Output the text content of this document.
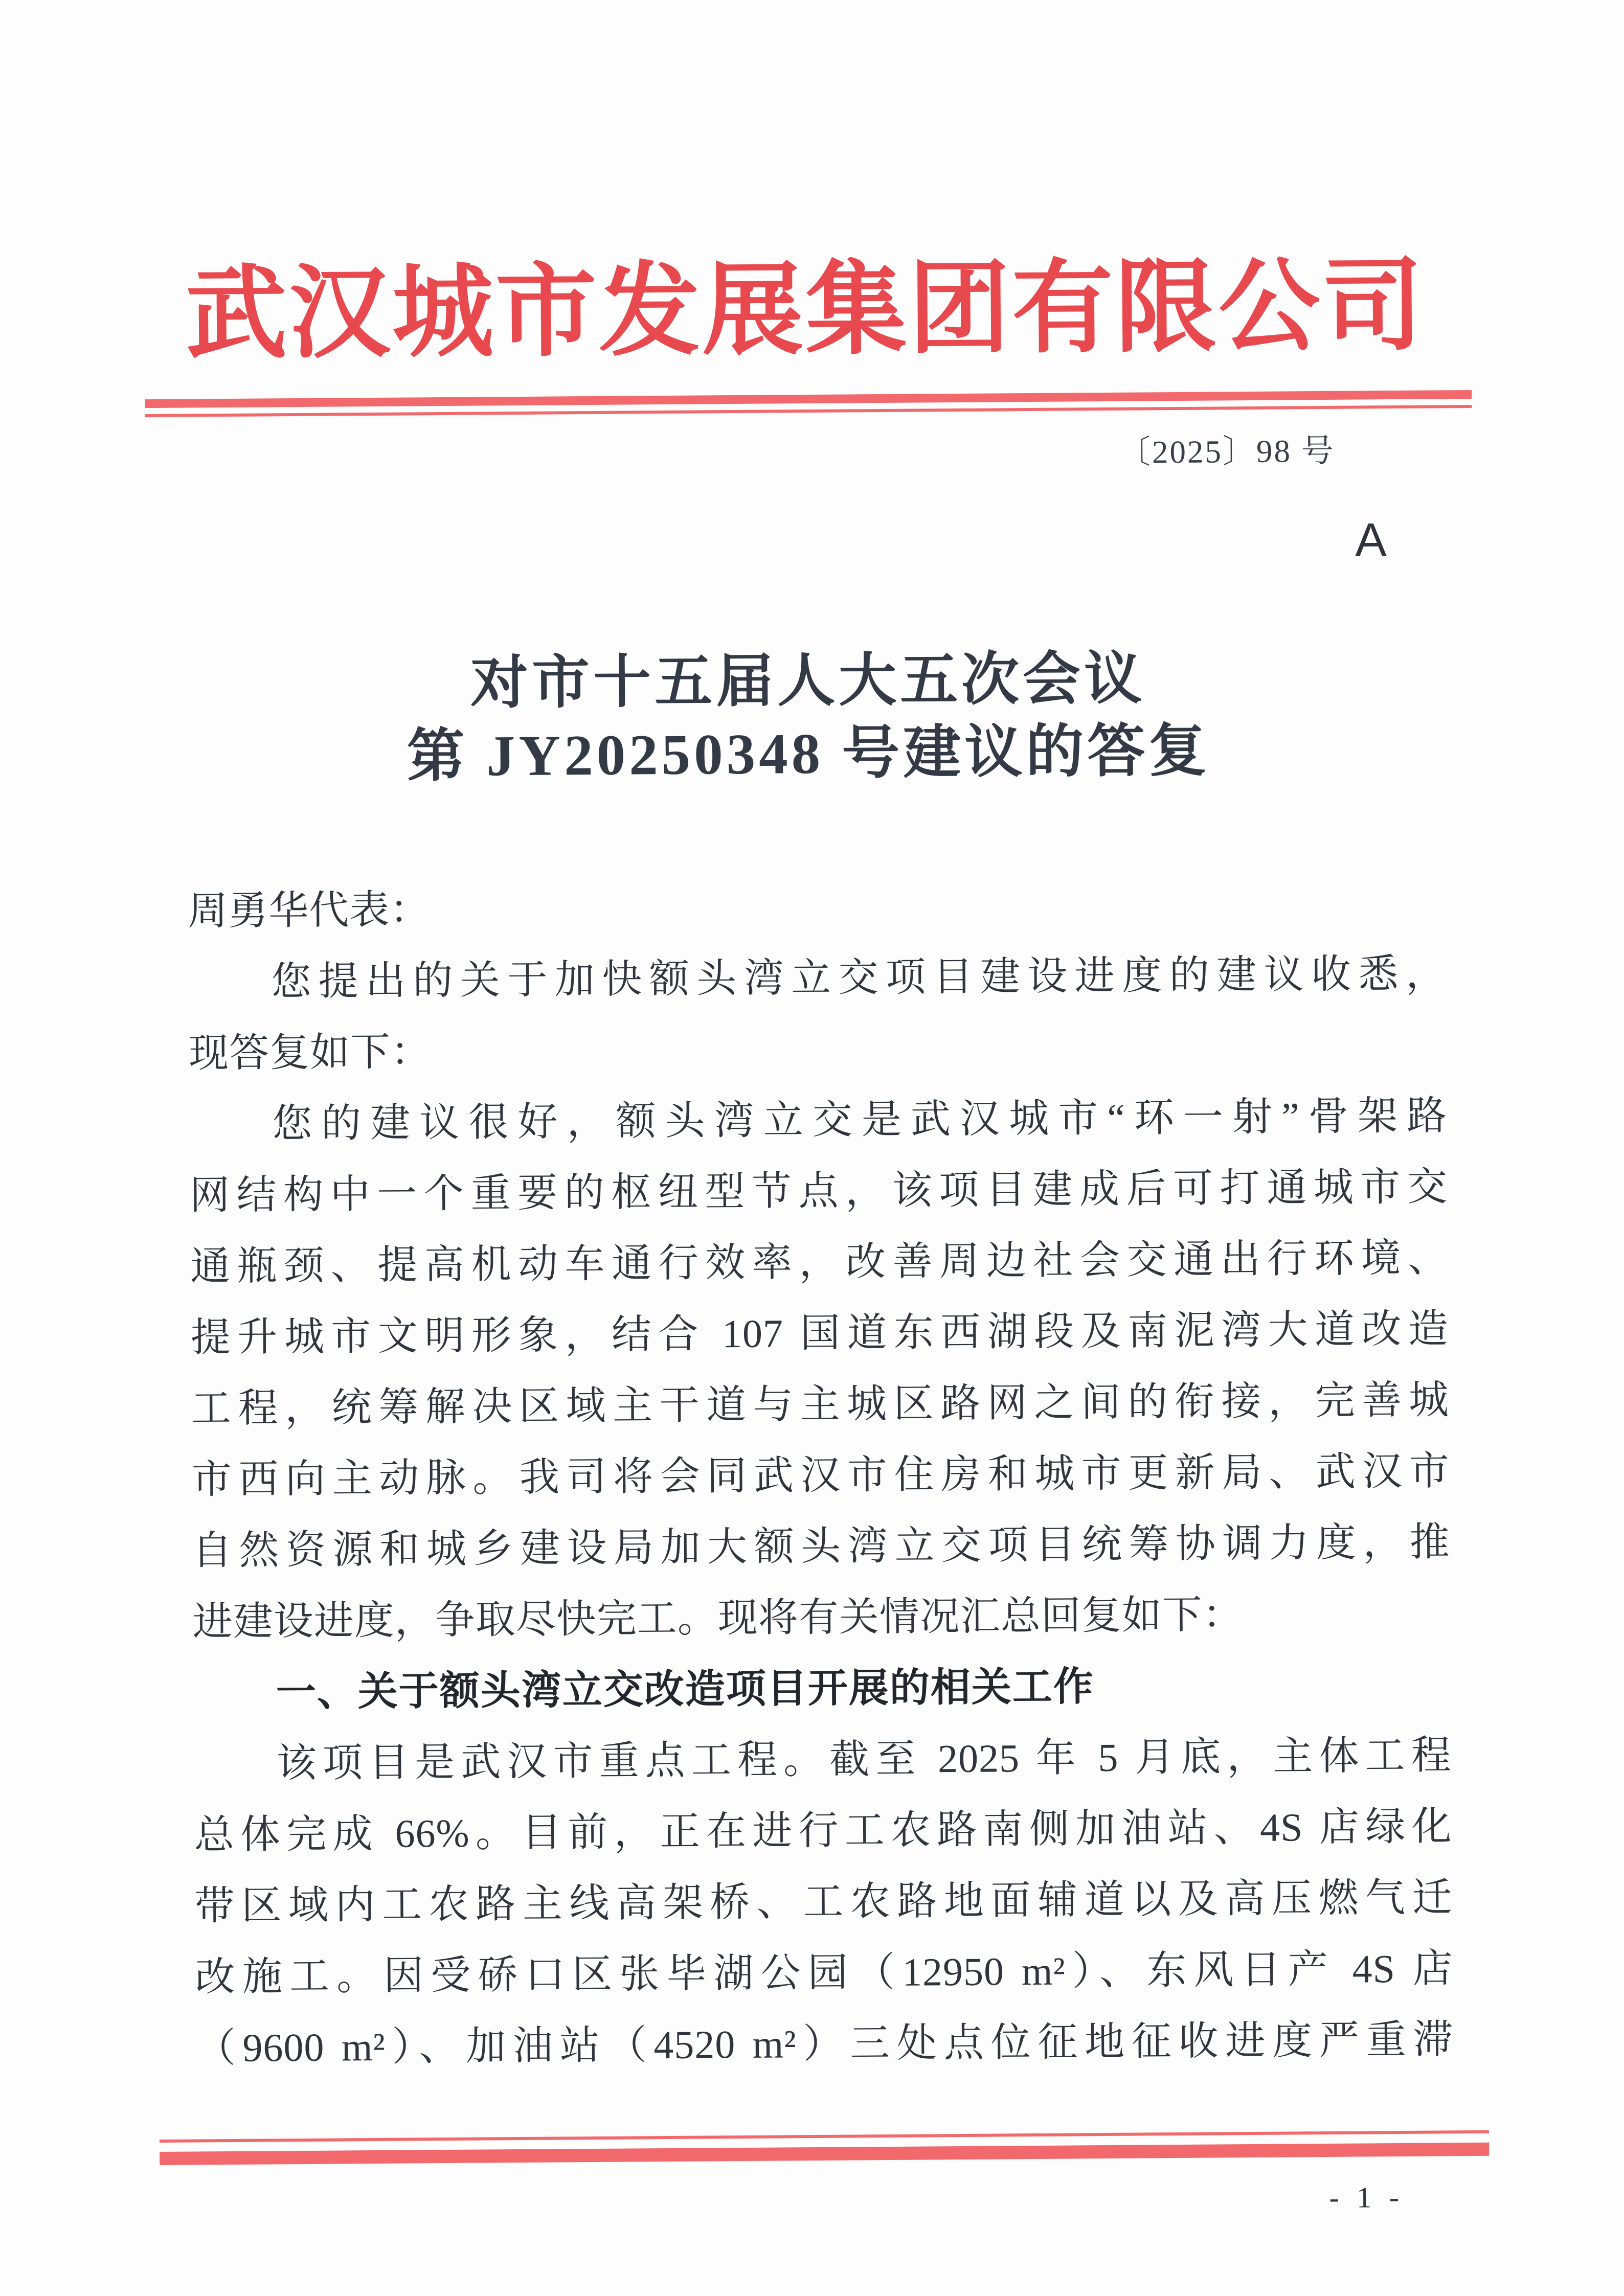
武汉城市发展集团有限公司
〔2025〕98 号
A
对市十五届人大五次会议
第 JY20250348 号建议的答复
周勇华代表：
您提出的关于加快额头湾立交项目建设进度的建议收悉，
现答复如下：
您的建议很好，额头湾立交是武汉城市“环一射”骨架路
网结构中一个重要的枢纽型节点，该项目建成后可打通城市交
通瓶颈、提高机动车通行效率，改善周边社会交通出行环境、
提升城市文明形象，结合 107 国道东西湖段及南泥湾大道改造
工程，统筹解决区域主干道与主城区路网之间的衔接，完善城
市西向主动脉。我司将会同武汉市住房和城市更新局、武汉市
自然资源和城乡建设局加大额头湾立交项目统筹协调力度，推
进建设进度，争取尽快完工。现将有关情况汇总回复如下：
一、关于额头湾立交改造项目开展的相关工作
该项目是武汉市重点工程。截至 2025 年 5 月底，主体工程
总体完成 66%。目前，正在进行工农路南侧加油站、4S 店绿化
带区域内工农路主线高架桥、工农路地面辅道以及高压燃气迁
改施工。因受硚口区张毕湖公园（12950 m²）、东风日产 4S 店
（9600 m²）、加油站（4520 m²）三处点位征地征收进度严重滞
- 1 -
